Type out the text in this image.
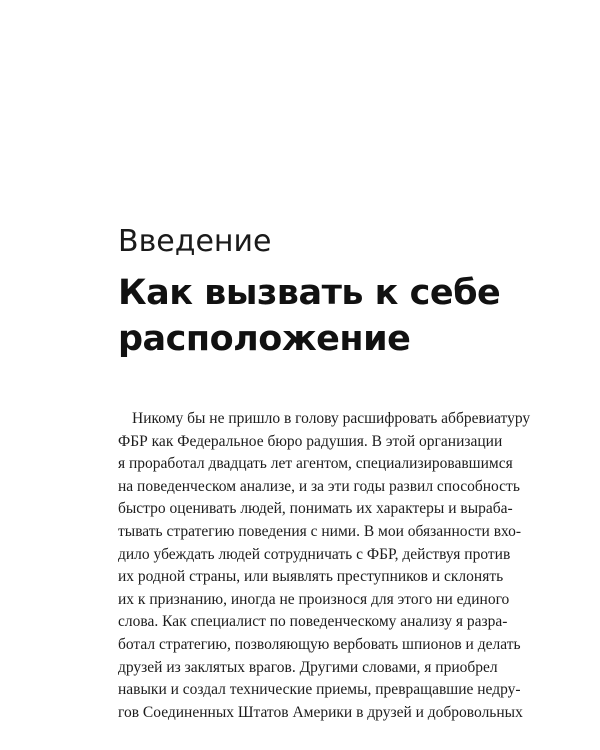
Введение
Как вызвать к себе
расположение
Никому бы не пришло в голову расшифровать аббревиатуру
ФБР как Федеральное бюро радушия. В этой организации
я проработал двадцать лет агентом, специализировавшимся
на поведенческом анализе, и за эти годы развил способность
быстро оценивать людей, понимать их характеры и выраба-
тывать стратегию поведения с ними. В мои обязанности вхо-
дило убеждать людей сотрудничать с ФБР, действуя против
их родной страны, или выявлять преступников и склонять
их к признанию, иногда не произнося для этого ни единого
слова. Как специалист по поведенческому анализу я разра-
ботал стратегию, позволяющую вербовать шпионов и делать
друзей из заклятых врагов. Другими словами, я приобрел
навыки и создал технические приемы, превращавшие недру-
гов Соединенных Штатов Америки в друзей и добровольных
